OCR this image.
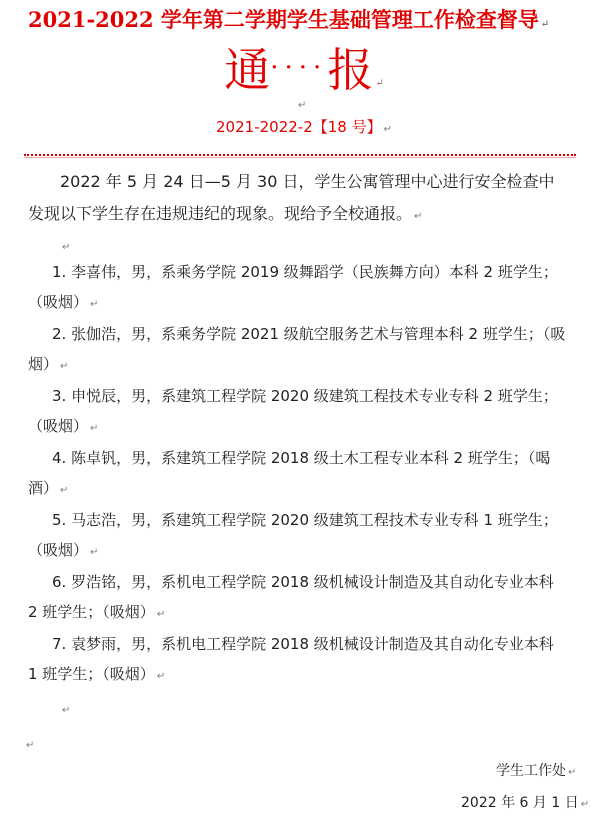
2021-2022 学年第二学期学生基础管理工作检查督导 ↵
通····报 ↵
↵
2021-2022-2【18 号】 ↵
2022 年 5 月 24 日—5 月 30 日，学生公寓管理中心进行安全检查中
发现以下学生存在违规违纪的现象。现给予全校通报。 ↵
↵
1. 李喜伟，男，系乘务学院 2019 级舞蹈学（民族舞方向）本科 2 班学生；
（吸烟） ↵
2. 张伽浩，男，系乘务学院 2021 级航空服务艺术与管理本科 2 班学生；（吸
烟） ↵
3. 申悦辰，男，系建筑工程学院 2020 级建筑工程技术专业专科 2 班学生；
（吸烟） ↵
4. 陈卓钒，男，系建筑工程学院 2018 级土木工程专业本科 2 班学生；（喝
酒） ↵
5. 马志浩，男，系建筑工程学院 2020 级建筑工程技术专业专科 1 班学生；
（吸烟） ↵
6. 罗浩铭，男，系机电工程学院 2018 级机械设计制造及其自动化专业本科
2 班学生；（吸烟） ↵
7. 袁梦雨，男，系机电工程学院 2018 级机械设计制造及其自动化专业本科
1 班学生；（吸烟） ↵
↵
↵
学生工作处 ↵
2022 年 6 月 1 日 ↵
